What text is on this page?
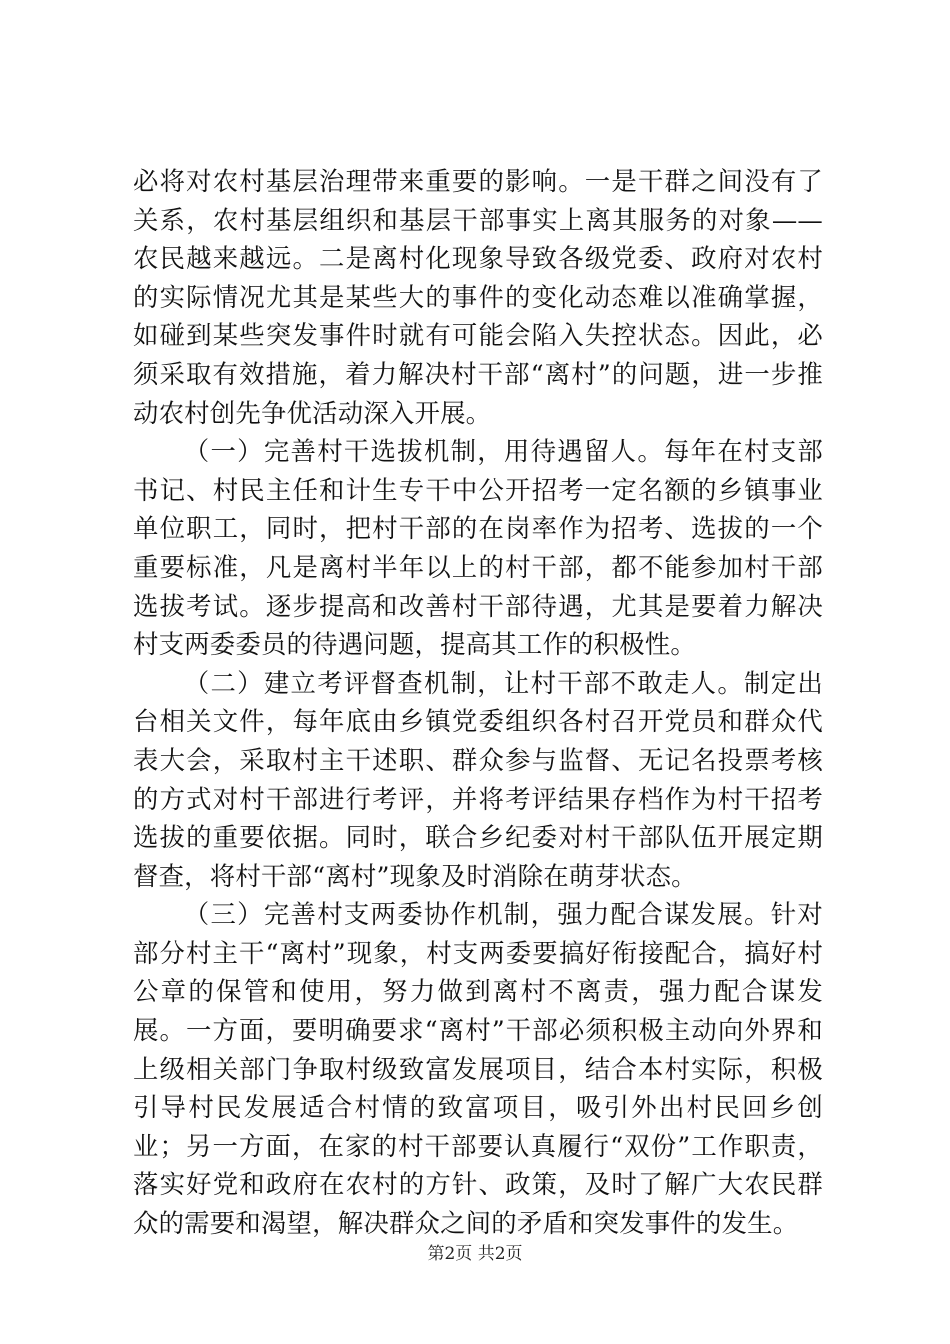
必将对农村基层治理带来重要的影响。一是干群之间没有了关系，农村基层组织和基层干部事实上离其服务的对象——农民越来越远。二是离村化现象导致各级党委、政府对农村的实际情况尤其是某些大的事件的变化动态难以准确掌握，如碰到某些突发事件时就有可能会陷入失控状态。因此，必须采取有效措施，着力解决村干部“离村”的问题，进一步推动农村创先争优活动深入开展。

（一）完善村干选拔机制，用待遇留人。每年在村支部书记、村民主任和计生专干中公开招考一定名额的乡镇事业单位职工，同时，把村干部的在岗率作为招考、选拔的一个重要标准，凡是离村半年以上的村干部，都不能参加村干部选拔考试。逐步提高和改善村干部待遇，尤其是要着力解决村支两委委员的待遇问题，提高其工作的积极性。

（二）建立考评督查机制，让村干部不敢走人。制定出台相关文件，每年底由乡镇党委组织各村召开党员和群众代表大会，采取村主干述职、群众参与监督、无记名投票考核的方式对村干部进行考评，并将考评结果存档作为村干招考选拔的重要依据。同时，联合乡纪委对村干部队伍开展定期督查，将村干部“离村”现象及时消除在萌芽状态。

（三）完善村支两委协作机制，强力配合谋发展。针对部分村主干“离村”现象，村支两委要搞好衔接配合，搞好村公章的保管和使用，努力做到离村不离责，强力配合谋发展。一方面，要明确要求“离村”干部必须积极主动向外界和上级相关部门争取村级致富发展项目，结合本村实际，积极引导村民发展适合村情的致富项目，吸引外出村民回乡创业；另一方面，在家的村干部要认真履行“双份”工作职责，落实好党和政府在农村的方针、政策，及时了解广大农民群众的需要和渴望，解决群众之间的矛盾和突发事件的发生。

第2页 共2页
